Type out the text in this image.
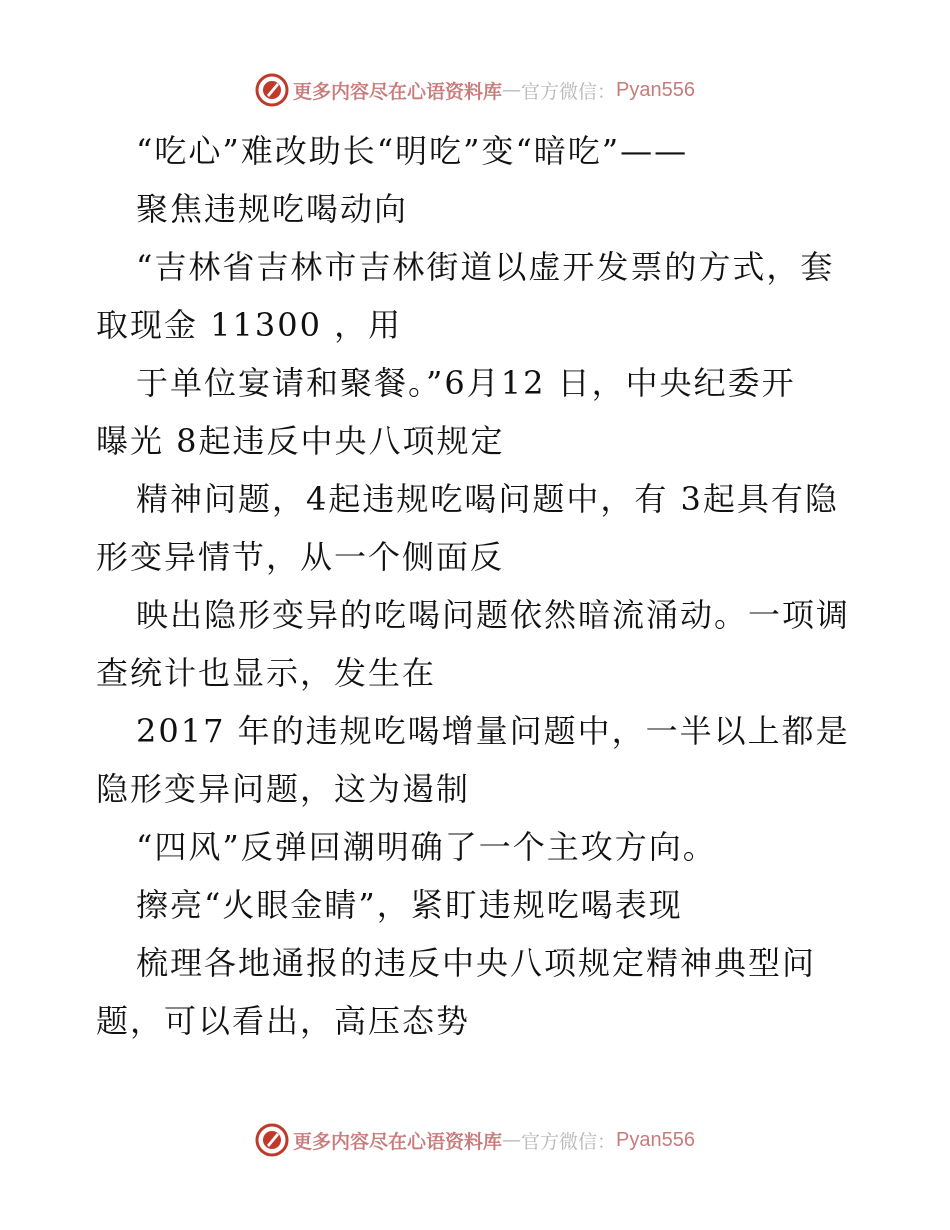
更多内容尽在心语资料库 — 官方微信： Pyan556
“吃心”难改助长“明吃”变“暗吃”——
聚焦违规吃喝动向
“吉林省吉林市吉林街道以虚开发票的方式，套
取现金 11300 ，用
于单位宴请和聚餐。”6月12 日，中央纪委开
曝光 8起违反中央八项规定
精神问题，4起违规吃喝问题中，有 3起具有隐
形变异情节，从一个侧面反
映出隐形变异的吃喝问题依然暗流涌动。一项调
查统计也显示，发生在
2017 年的违规吃喝增量问题中，一半以上都是
隐形变异问题，这为遏制
“四风”反弹回潮明确了一个主攻方向。
擦亮“火眼金睛”，紧盯违规吃喝表现
梳理各地通报的违反中央八项规定精神典型问
题，可以看出，高压态势
更多内容尽在心语资料库 — 官方微信： Pyan556
